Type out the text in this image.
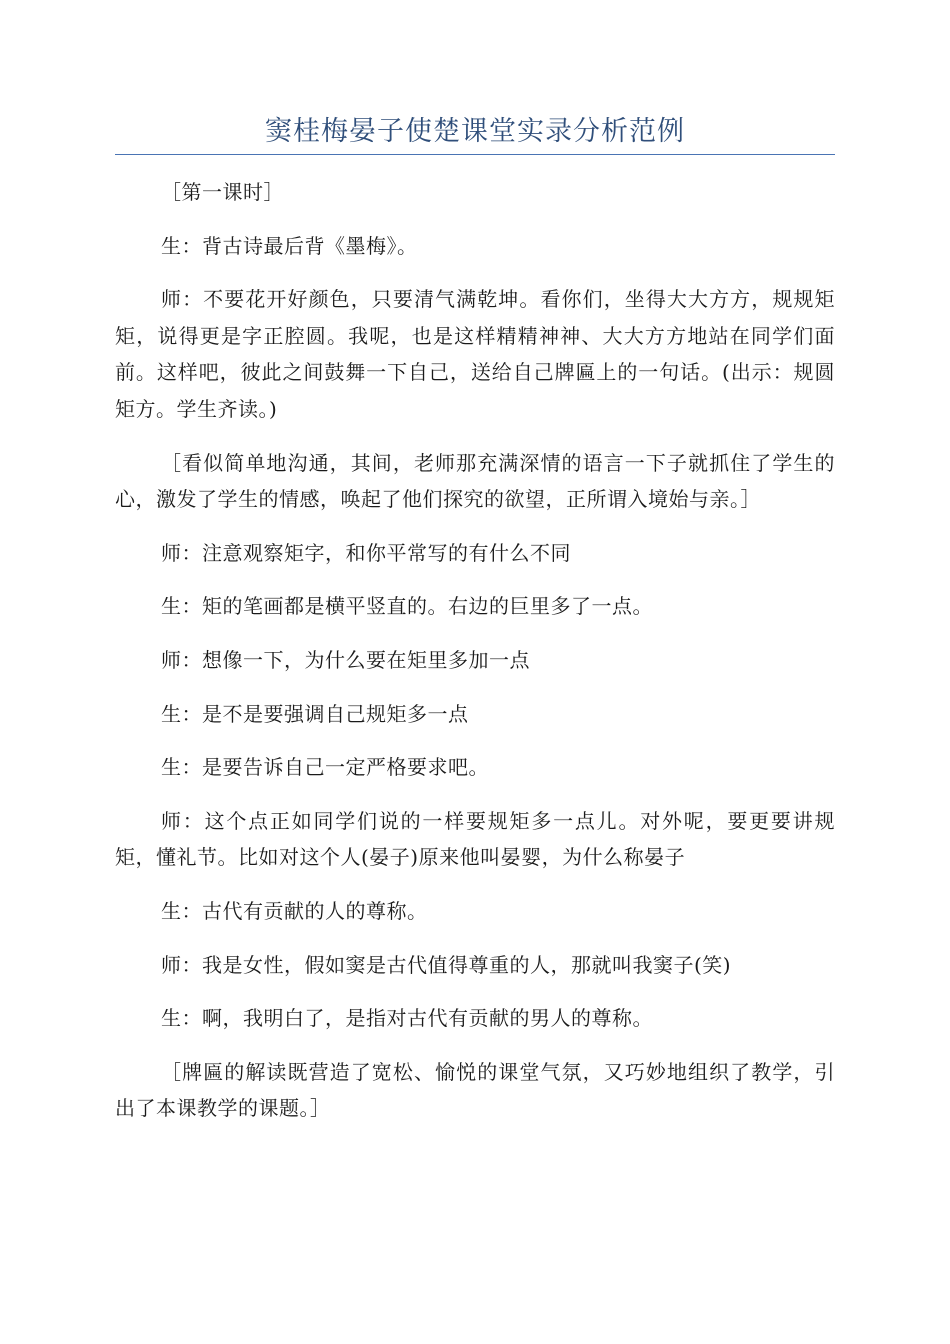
窦桂梅晏子使楚课堂实录分析范例

［第一课时］

生：背古诗最后背《墨梅》。

师：不要花开好颜色，只要清气满乾坤。看你们，坐得大大方方，规规矩矩，说得更是字正腔圆。我呢，也是这样精精神神、大大方方地站在同学们面前。这样吧，彼此之间鼓舞一下自己，送给自己牌匾上的一句话。(出示：规圆矩方。学生齐读。)

［看似简单地沟通，其间，老师那充满深情的语言一下子就抓住了学生的心，激发了学生的情感，唤起了他们探究的欲望，正所谓入境始与亲。］

师：注意观察矩字，和你平常写的有什么不同

生：矩的笔画都是横平竖直的。右边的巨里多了一点。

师：想像一下，为什么要在矩里多加一点

生：是不是要强调自己规矩多一点

生：是要告诉自己一定严格要求吧。

师：这个点正如同学们说的一样要规矩多一点儿。对外呢，要更要讲规矩，懂礼节。比如对这个人(晏子)原来他叫晏婴，为什么称晏子

生：古代有贡献的人的尊称。

师：我是女性，假如窦是古代值得尊重的人，那就叫我窦子(笑)

生：啊，我明白了，是指对古代有贡献的男人的尊称。

［牌匾的解读既营造了宽松、愉悦的课堂气氛，又巧妙地组织了教学，引出了本课教学的课题。］
